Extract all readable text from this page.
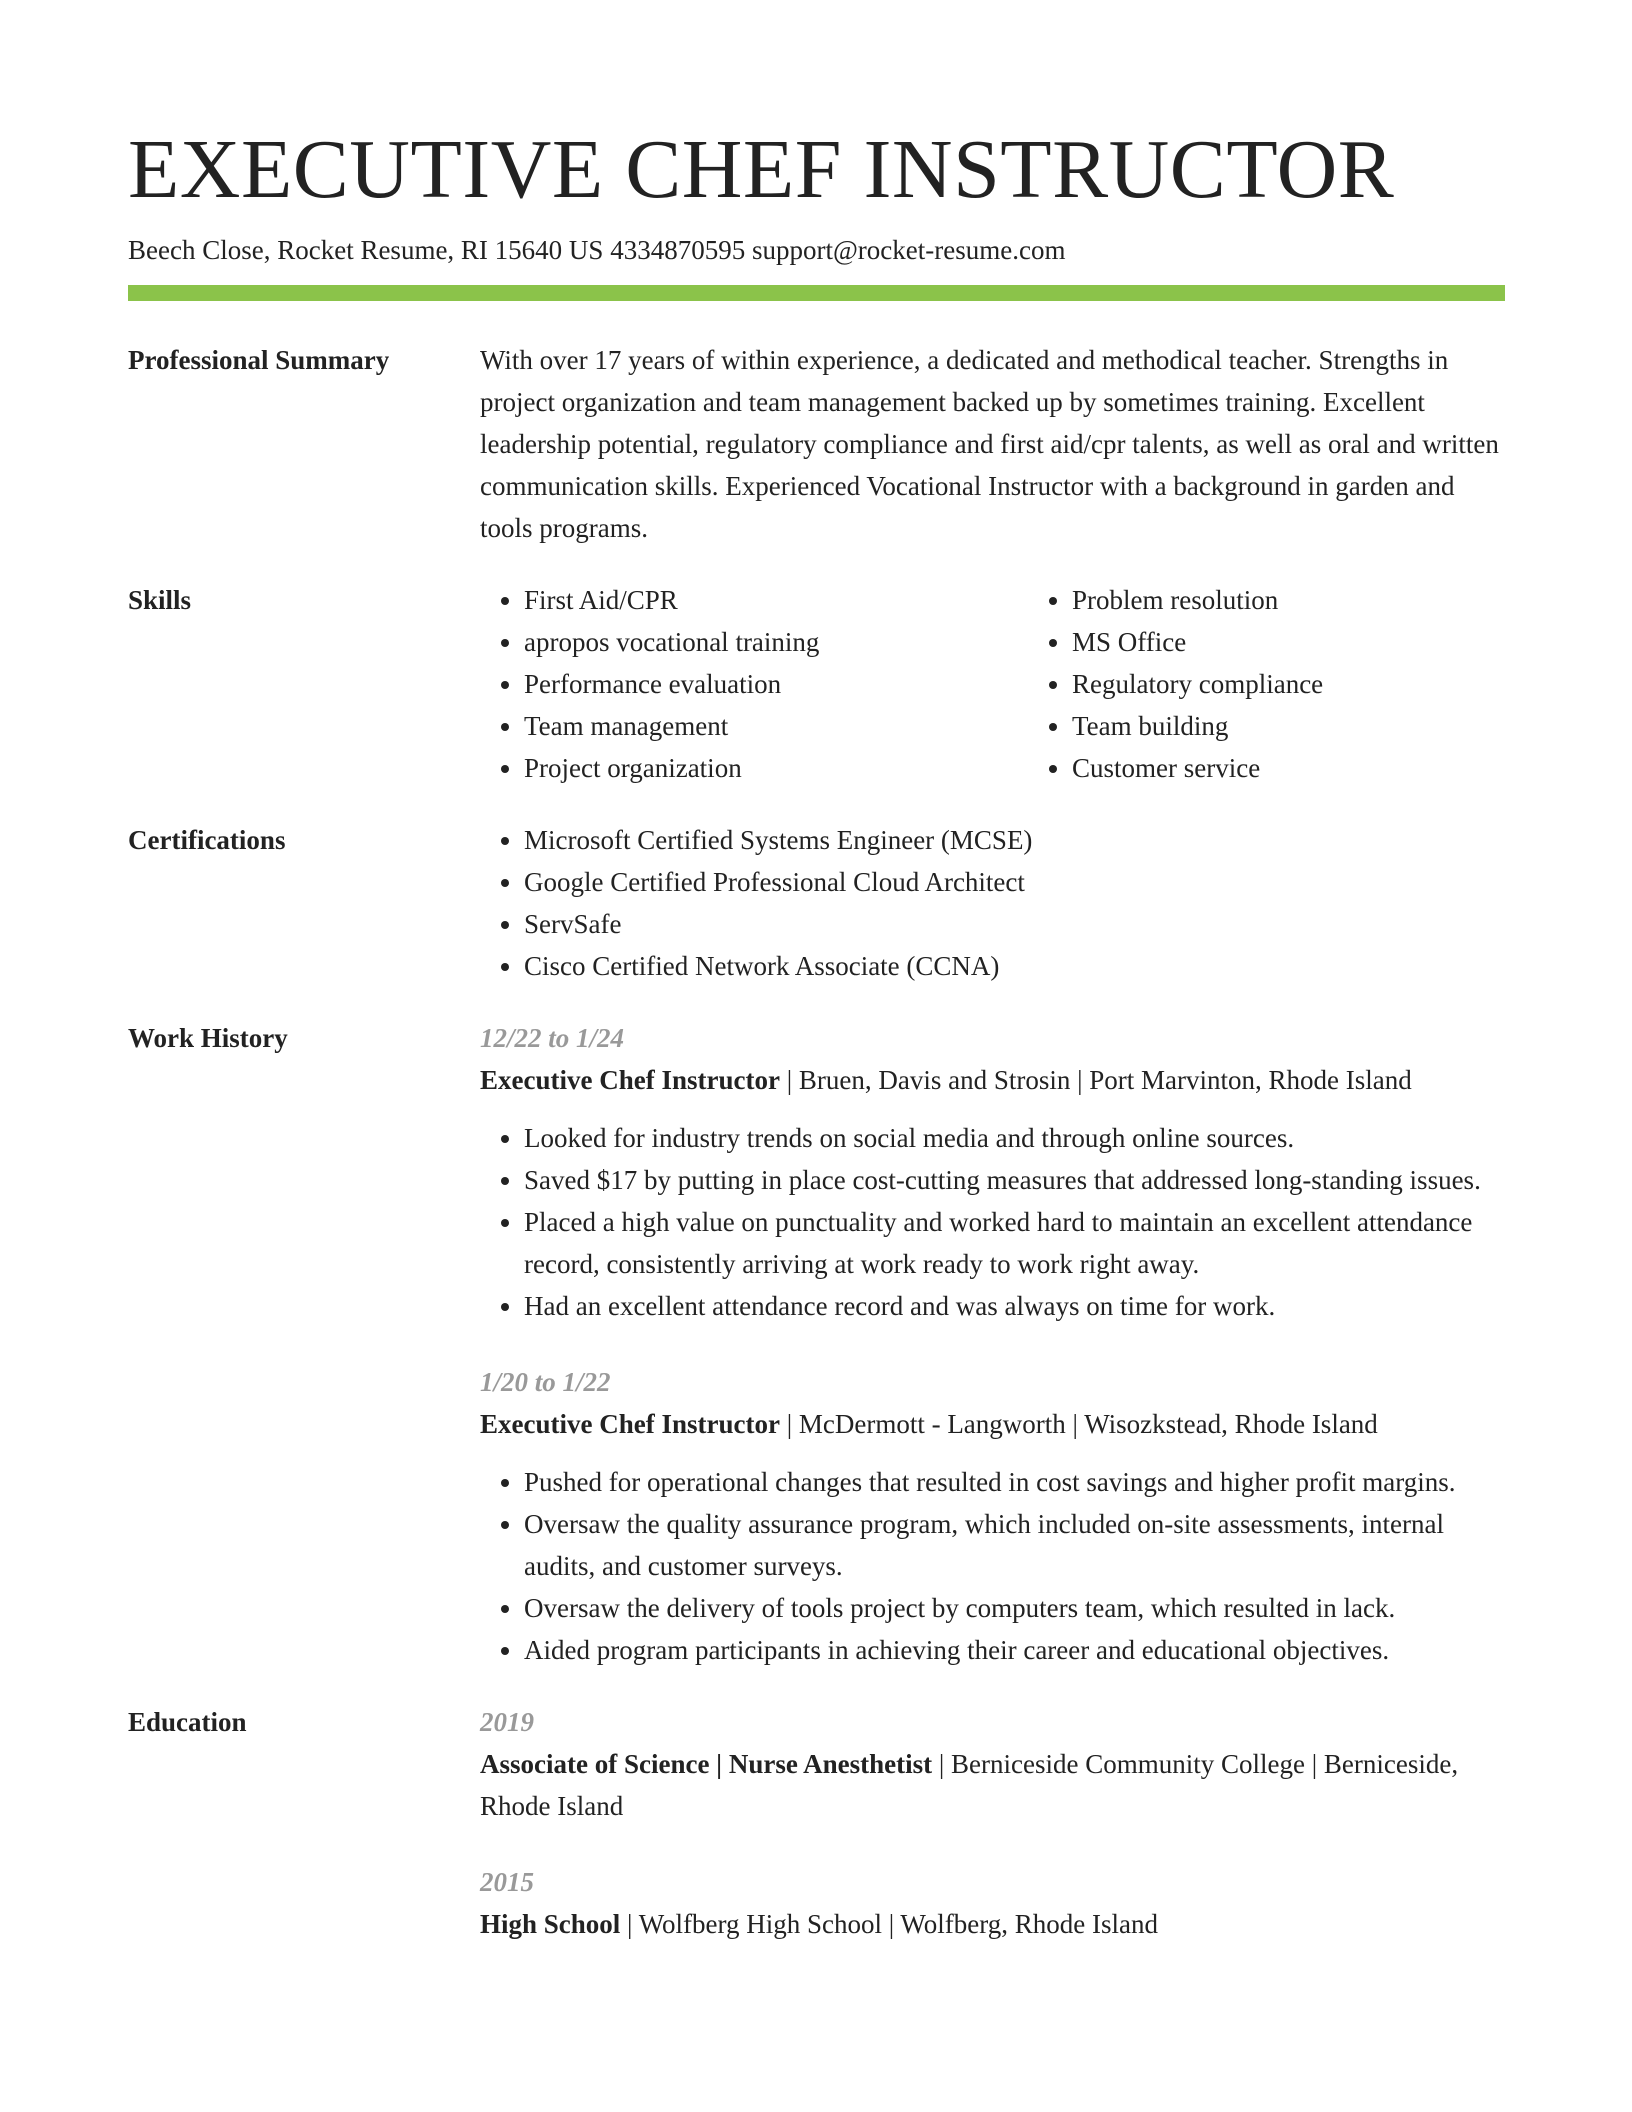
EXECUTIVE CHEF INSTRUCTOR
Beech Close, Rocket Resume, RI 15640 US 4334870595 support@rocket-resume.com
Professional Summary	With over 17 years of within experience, a dedicated and methodical teacher. Strengths in project organization and team management backed up by sometimes training. Excellent leadership potential, regulatory compliance and first aid/cpr talents, as well as oral and written communication skills. Experienced Vocational Instructor with a background in garden and tools programs.

Skills	• First Aid/CPR
• apropos vocational training
• Performance evaluation
• Team management
• Project organization
• Problem resolution
• MS Office
• Regulatory compliance
• Team building
• Customer service
Certifications	• Microsoft Certified Systems Engineer (MCSE)
• Google Certified Professional Cloud Architect
• ServSafe
• Cisco Certified Network Associate (CCNA)
Work History	12/22 to 1/24
Executive Chef Instructor | Bruen, Davis and Strosin | Port Marvinton, Rhode Island
• Looked for industry trends on social media and through online sources.
• Saved $17 by putting in place cost-cutting measures that addressed long-standing issues.
• Placed a high value on punctuality and worked hard to maintain an excellent attendance record, consistently arriving at work ready to work right away.
• Had an excellent attendance record and was always on time for work.
1/20 to 1/22
Executive Chef Instructor | McDermott - Langworth | Wisozkstead, Rhode Island
• Pushed for operational changes that resulted in cost savings and higher profit margins.
• Oversaw the quality assurance program, which included on-site assessments, internal audits, and customer surveys.
• Oversaw the delivery of tools project by computers team, which resulted in lack.
• Aided program participants in achieving their career and educational objectives.
Education	2019
Associate of Science | Nurse Anesthetist | Berniceside Community College | Berniceside, Rhode Island
2015
High School | Wolfberg High School | Wolfberg, Rhode Island
